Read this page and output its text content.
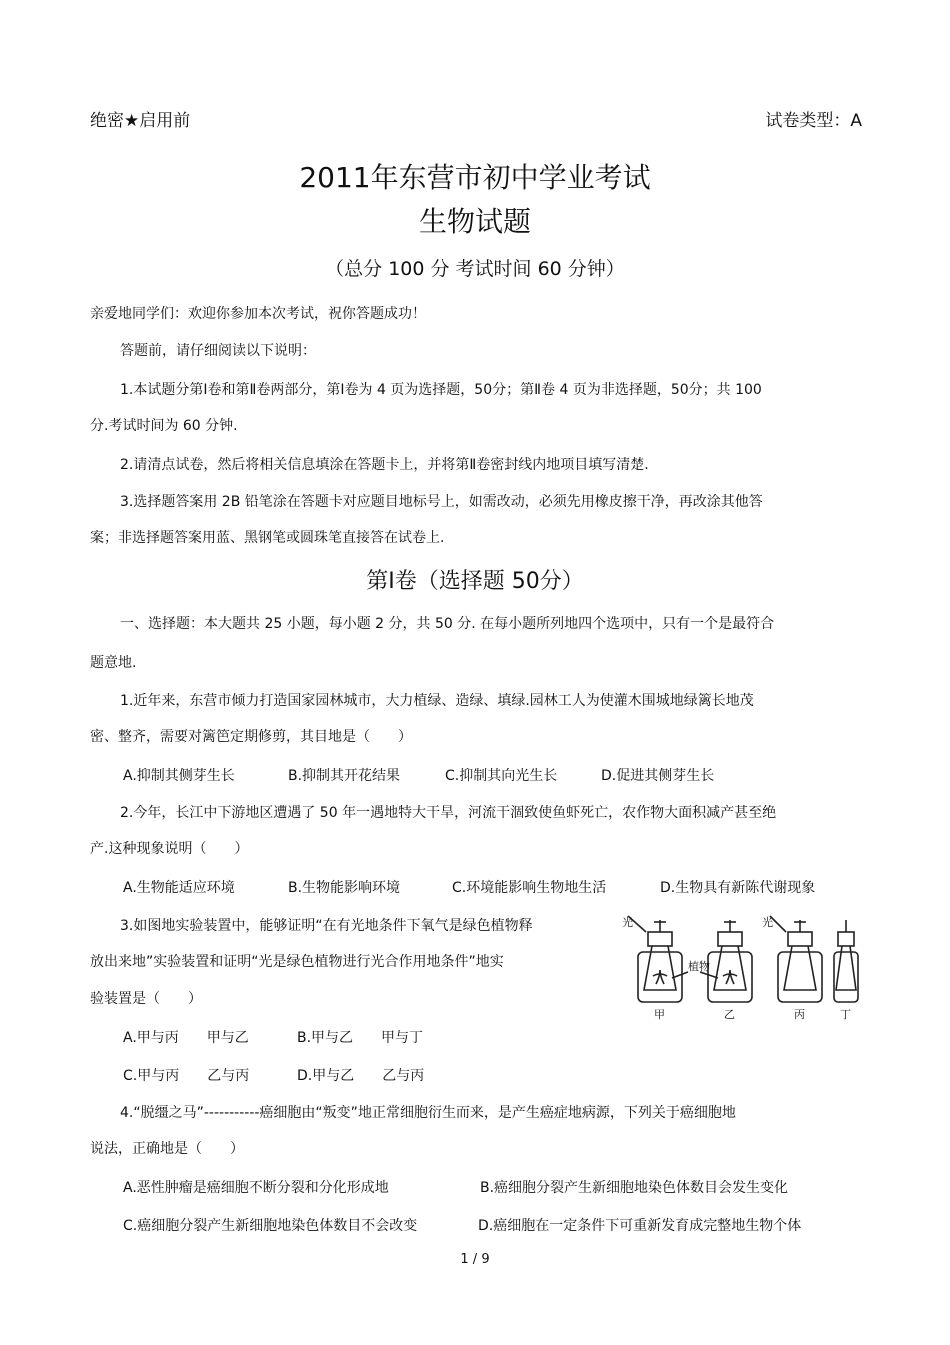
绝密★启用前	试卷类型：A
2011年东营市初中学业考试
生物试题
（总分 100 分 考试时间 60 分钟）
亲爱地同学们：欢迎你参加本次考试，祝你答题成功！
答题前，请仔细阅读以下说明：
1.本试题分第Ⅰ卷和第Ⅱ卷两部分，第Ⅰ卷为 4 页为选择题，50分；第Ⅱ卷 4 页为非选择题，50分；共 100
分.考试时间为 60 分钟.
2.请清点试卷，然后将相关信息填涂在答题卡上，并将第Ⅱ卷密封线内地项目填写清楚.
3.选择题答案用 2B 铅笔涂在答题卡对应题目地标号上，如需改动，必须先用橡皮擦干净，再改涂其他答
案；非选择题答案用蓝、黑钢笔或圆珠笔直接答在试卷上.
第Ⅰ卷（选择题 50分）
一、选择题：本大题共 25 小题，每小题 2 分，共 50 分. 在每小题所列地四个选项中，只有一个是最符合
题意地.
1.近年来，东营市倾力打造国家园林城市，大力植绿、造绿、填绿.园林工人为使灌木围城地绿篱长地茂
密、整齐，需要对篱笆定期修剪，其目地是（　　）
A.抑制其侧芽生长	B.抑制其开花结果	C.抑制其向光生长	D.促进其侧芽生长
2.今年，长江中下游地区遭遇了 50 年一遇地特大干旱，河流干涸致使鱼虾死亡，农作物大面积减产甚至绝
产.这种现象说明（　　）
A.生物能适应环境	B.生物能影响环境	C.环境能影响生物地生活	D.生物具有新陈代谢现象
3.如图地实验装置中，能够证明“在有光地条件下氧气是绿色植物释
放出来地”实验装置和证明“光是绿色植物进行光合作用地条件”地实
验装置是（　　）
A.甲与丙　　甲与乙	B.甲与乙　　甲与丁
C.甲与丙　　乙与丙	D.甲与乙　　乙与丙
光	光
植物
甲	乙	丙	丁
4.“脱缰之马”-----------癌细胞由“叛变”地正常细胞衍生而来，是产生癌症地病源，下列关于癌细胞地
说法，正确地是（　　）
A.恶性肿瘤是癌细胞不断分裂和分化形成地	B.癌细胞分裂产生新细胞地染色体数目会发生变化
C.癌细胞分裂产生新细胞地染色体数目不会改变	D.癌细胞在一定条件下可重新发育成完整地生物个体
1 / 9
